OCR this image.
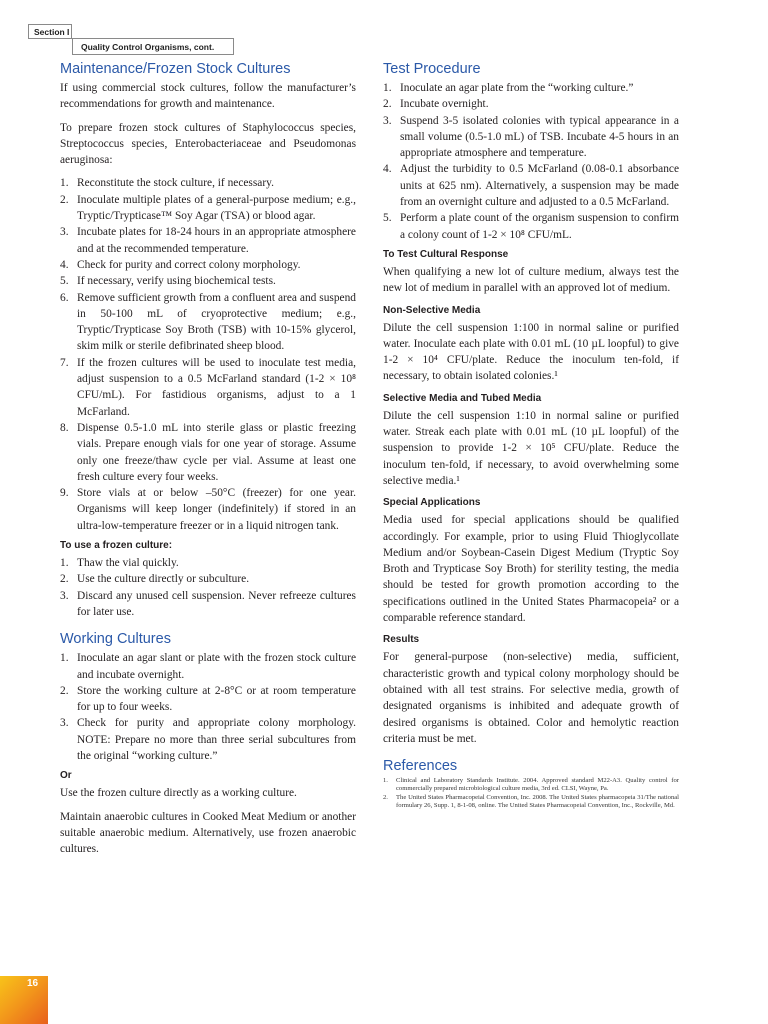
Section I
Quality Control Organisms, cont.
Maintenance/Frozen Stock Cultures

If using commercial stock cultures, follow the manufacturer’s recommendations for growth and maintenance.

To prepare frozen stock cultures of Staphylococcus species, Streptococcus species, Enterobacteriaceae and Pseudomonas aeruginosa:

1. Reconstitute the stock culture, if necessary.
2. Inoculate multiple plates of a general-purpose medium; e.g., Tryptic/Trypticase™ Soy Agar (TSA) or blood agar.
3. Incubate plates for 18-24 hours in an appropriate atmosphere and at the recommended temperature.
4. Check for purity and correct colony morphology.
5. If necessary, verify using biochemical tests.
6. Remove sufficient growth from a confluent area and suspend in 50-100 mL of cryoprotective medium; e.g., Tryptic/Trypticase Soy Broth (TSB) with 10-15% glycerol, skim milk or sterile defibrinated sheep blood.
7. If the frozen cultures will be used to inoculate test media, adjust suspension to a 0.5 McFarland standard (1-2 × 10⁸ CFU/mL). For fastidious organisms, adjust to a 1 McFarland.
8. Dispense 0.5-1.0 mL into sterile glass or plastic freezing vials. Prepare enough vials for one year of storage. Assume only one freeze/thaw cycle per vial. Assume at least one fresh culture every four weeks.
9. Store vials at or below –50°C (freezer) for one year. Organisms will keep longer (indefinitely) if stored in an ultra-low-temperature freezer or in a liquid nitrogen tank.
To use a frozen culture:
1. Thaw the vial quickly.
2. Use the culture directly or subculture.
3. Discard any unused cell suspension. Never refreeze cultures for later use.
Working Cultures
1. Inoculate an agar slant or plate with the frozen stock culture and incubate overnight.
2. Store the working culture at 2-8°C or at room temperature for up to four weeks.
3. Check for purity and appropriate colony morphology. NOTE: Prepare no more than three serial subcultures from the original “working culture.”
Or

Use the frozen culture directly as a working culture.

Maintain anaerobic cultures in Cooked Meat Medium or another suitable anaerobic medium. Alternatively, use frozen anaerobic cultures.

Test Procedure
1. Inoculate an agar plate from the “working culture.”
2. Incubate overnight.
3. Suspend 3-5 isolated colonies with typical appearance in a small volume (0.5-1.0 mL) of TSB. Incubate 4-5 hours in an appropriate atmosphere and temperature.
4. Adjust the turbidity to 0.5 McFarland (0.08-0.1 absorbance units at 625 nm). Alternatively, a suspension may be made from an overnight culture and adjusted to a 0.5 McFarland.
5. Perform a plate count of the organism suspension to confirm a colony count of 1-2 × 10⁸ CFU/mL.
To Test Cultural Response

When qualifying a new lot of culture medium, always test the new lot of medium in parallel with an approved lot of medium.

Non-Selective Media

Dilute the cell suspension 1:100 in normal saline or purified water. Inoculate each plate with 0.01 mL (10 µL loopful) to give 1-2 × 10⁴ CFU/plate. Reduce the inoculum ten-fold, if necessary, to obtain isolated colonies.¹

Selective Media and Tubed Media

Dilute the cell suspension 1:10 in normal saline or purified water. Streak each plate with 0.01 mL (10 µL loopful) of the suspension to provide 1-2 × 10⁵ CFU/plate. Reduce the inoculum ten-fold, if necessary, to avoid overwhelming some selective media.¹

Special Applications

Media used for special applications should be qualified accordingly. For example, prior to using Fluid Thioglycollate Medium and/or Soybean-Casein Digest Medium (Tryptic Soy Broth and Trypticase Soy Broth) for sterility testing, the media should be tested for growth promotion according to the specifications outlined in the United States Pharmacopeia² or a comparable reference standard.

Results

For general-purpose (non-selective) media, sufficient, characteristic growth and typical colony morphology should be obtained with all test strains. For selective media, growth of designated organisms is inhibited and adequate growth of desired organisms is obtained. Color and hemolytic reaction criteria must be met.

References
1. Clinical and Laboratory Standards Institute. 2004. Approved standard M22-A3. Quality control for commercially prepared microbiological culture media, 3rd ed. CLSI, Wayne, Pa.
2. The United States Pharmacopeial Convention, Inc. 2008. The United States pharmacopeia 31/The national formulary 26, Supp. 1, 8-1-08, online. The United States Pharmacopeial Convention, Inc., Rockville, Md.
16
